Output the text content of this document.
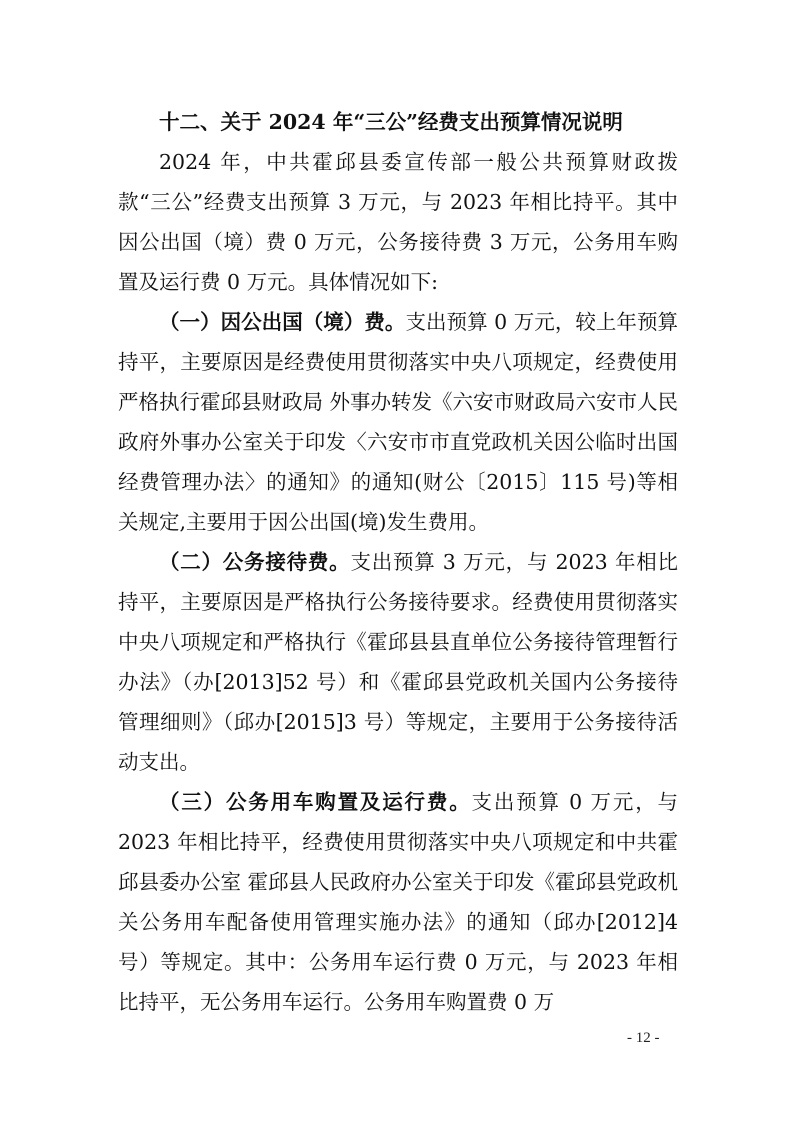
十二、关于 2024 年“三公”经费支出预算情况说明

2024 年，中共霍邱县委宣传部一般公共预算财政拨款“三公”经费支出预算 3 万元，与 2023 年相比持平。其中因公出国（境）费 0 万元，公务接待费 3 万元，公务用车购置及运行费 0 万元。具体情况如下:

（一）因公出国（境）费。支出预算 0 万元，较上年预算持平，主要原因是经费使用贯彻落实中央八项规定，经费使用严格执行霍邱县财政局 外事办转发《六安市财政局六安市人民政府外事办公室关于印发〈六安市市直党政机关因公临时出国经费管理办法〉的通知》的通知(财公〔2015〕115 号)等相关规定,主要用于因公出国(境)发生费用。

（二）公务接待费。支出预算 3 万元，与 2023 年相比持平，主要原因是严格执行公务接待要求。经费使用贯彻落实中央八项规定和严格执行《霍邱县县直单位公务接待管理暂行办法》（办[2013]52 号）和《霍邱县党政机关国内公务接待管理细则》（邱办[2015]3 号）等规定，主要用于公务接待活动支出。

（三）公务用车购置及运行费。支出预算 0 万元，与 2023 年相比持平，经费使用贯彻落实中央八项规定和中共霍邱县委办公室 霍邱县人民政府办公室关于印发《霍邱县党政机关公务用车配备使用管理实施办法》的通知（邱办[2012]4 号）等规定。其中：公务用车运行费 0 万元，与 2023 年相比持平，无公务用车运行。公务用车购置费 0 万

- 12 -
